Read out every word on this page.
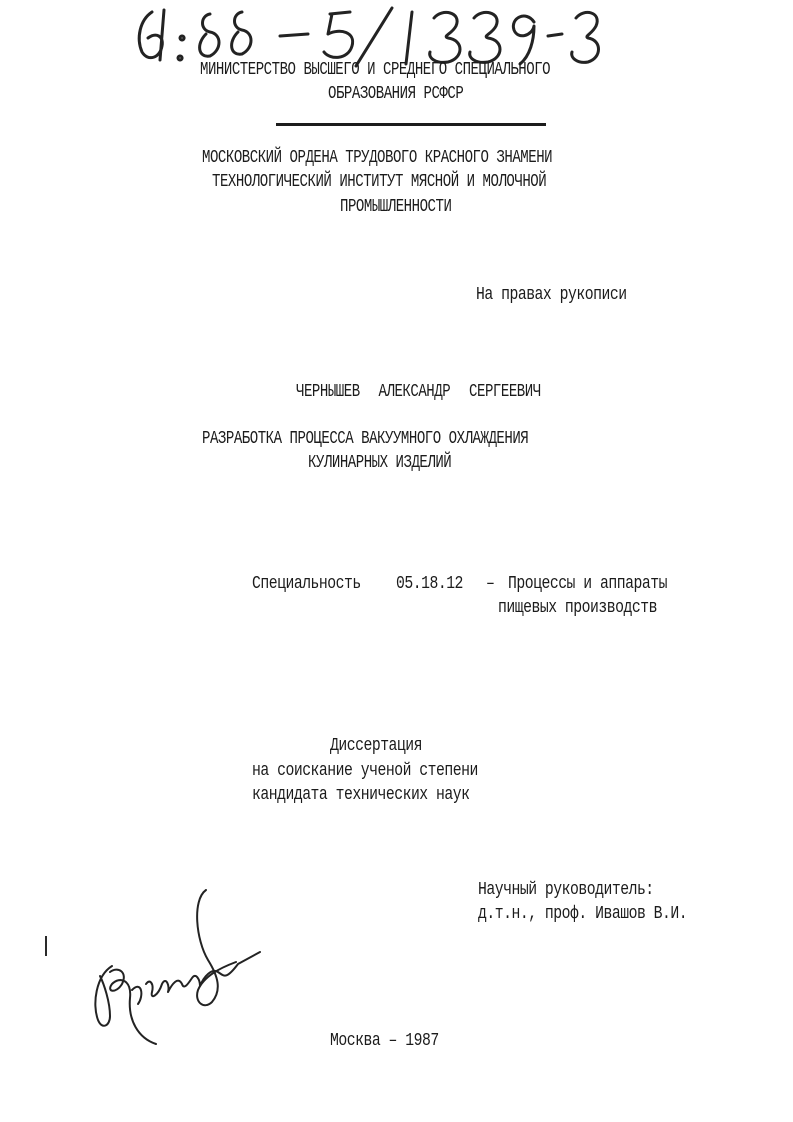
МИНИСТЕРСТВО ВЫСШЕГО И СРЕДНЕГО СПЕЦИАЛЬНОГО
ОБРАЗОВАНИЯ РСФСР
МОСКОВСКИЙ ОРДЕНА ТРУДОВОГО КРАСНОГО ЗНАМЕНИ
ТЕХНОЛОГИЧЕСКИЙ ИНСТИТУТ МЯСНОЙ И МОЛОЧНОЙ
ПРОМЫШЛЕННОСТИ
На правах рукописи
ЧЕРНЫШЕВ АЛЕКСАНДР СЕРГЕЕВИЧ
РАЗРАБОТКА ПРОЦЕССА ВАКУУМНОГО ОХЛАЖДЕНИЯ
КУЛИНАРНЫХ ИЗДЕЛИЙ
Специальность 05.18.12 – Процессы и аппараты
пищевых производств
Диссертация
на соискание ученой степени
кандидата технических наук
Научный руководитель:
д.т.н., проф. Ивашов В.И.
Москва – 1987
